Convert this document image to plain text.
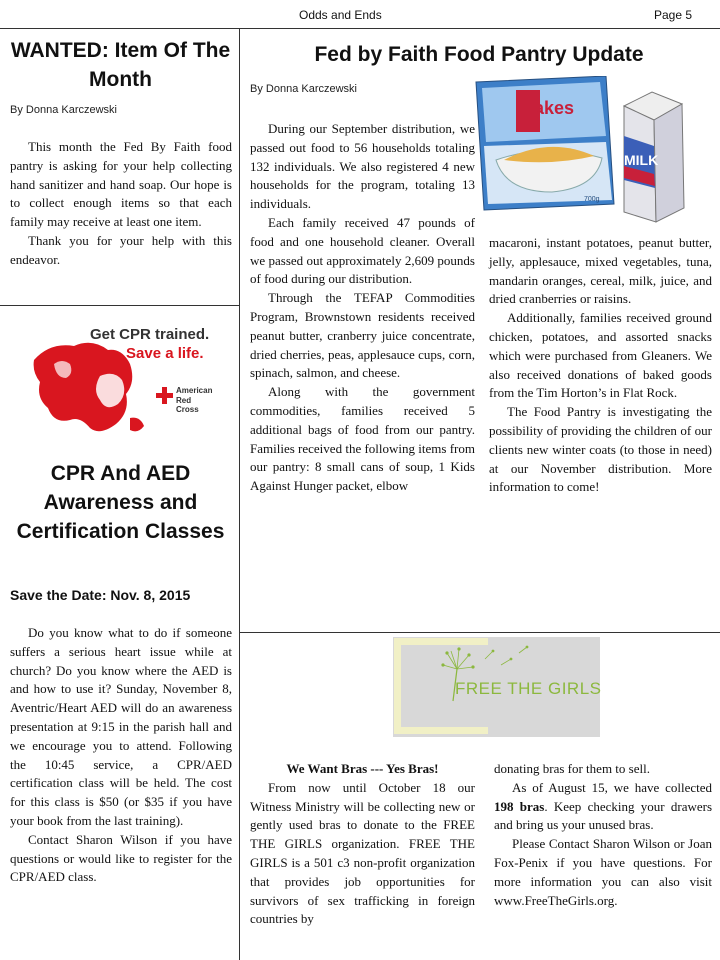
Odds and Ends	Page 5
WANTED: Item Of The Month
By Donna Karczewski

This month the Fed By Faith food pantry is asking for your help collecting hand sanitizer and hand soap. Our hope is to collect enough items so that each family may receive at least one item.

Thank you for your help with this endeavor.

Get CPR trained.
Save a life.
American
Red Cross
CPR And AED Awareness and Certification Classes
Save the Date: Nov. 8, 2015

Do you know what to do if someone suffers a serious heart issue while at church? Do you know where the AED is and how to use it? Sunday, November 8, Aventric/Heart AED will do an awareness presentation at 9:15 in the parish hall and we encourage you to attend. Following the 10:45 service, a CPR/AED certification class will be held. The cost for this class is $50 (or $35 if you have your book from the last training).

Contact Sharon Wilson if you have questions or would like to register for the CPR/AED class.

Fed by Faith Food Pantry Update
By Donna Karczewski
Flakes
700g
MILK

During our September distribution, we passed out food to 56 households totaling 132 individuals. We also registered 4 new households for the program, totaling 13 individuals.

Each family received 47 pounds of food and one household cleaner. Overall we passed out approximately 2,609 pounds of food during our distribution.

Through the TEFAP Commodities Program, Brownstown residents received peanut butter, cranberry juice concentrate, dried cherries, peas, applesauce cups, corn, spinach, salmon, and cheese.

Along with the government commodities, families received 5 additional bags of food from our pantry. Families received the following items from our pantry: 8 small cans of soup, 1 Kids Against Hunger packet, elbow

macaroni, instant potatoes, peanut butter, jelly, applesauce, mixed vegetables, tuna, mandarin oranges, cereal, milk, juice, and dried cranberries or raisins.

Additionally, families received ground chicken, potatoes, and assorted snacks which were purchased from Gleaners. We also received donations of baked goods from the Tim Horton’s in Flat Rock.

The Food Pantry is investigating the possibility of providing the children of our clients new winter coats (to those in need) at our November distribution. More information to come!

FREE THE GIRLS

We Want Bras --- Yes Bras!

From now until October 18 our Witness Ministry will be collecting new or gently used bras to donate to the FREE THE GIRLS organization. FREE THE GIRLS is a 501 c3 non-profit organization that provides job opportunities for survivors of sex trafficking in foreign countries by

donating bras for them to sell.

As of August 15, we have collected 198 bras. Keep checking your drawers and bring us your unused bras.

Please Contact Sharon Wilson or Joan Fox-Penix if you have questions. For more information you can also visit www.FreeTheGirls.org.
